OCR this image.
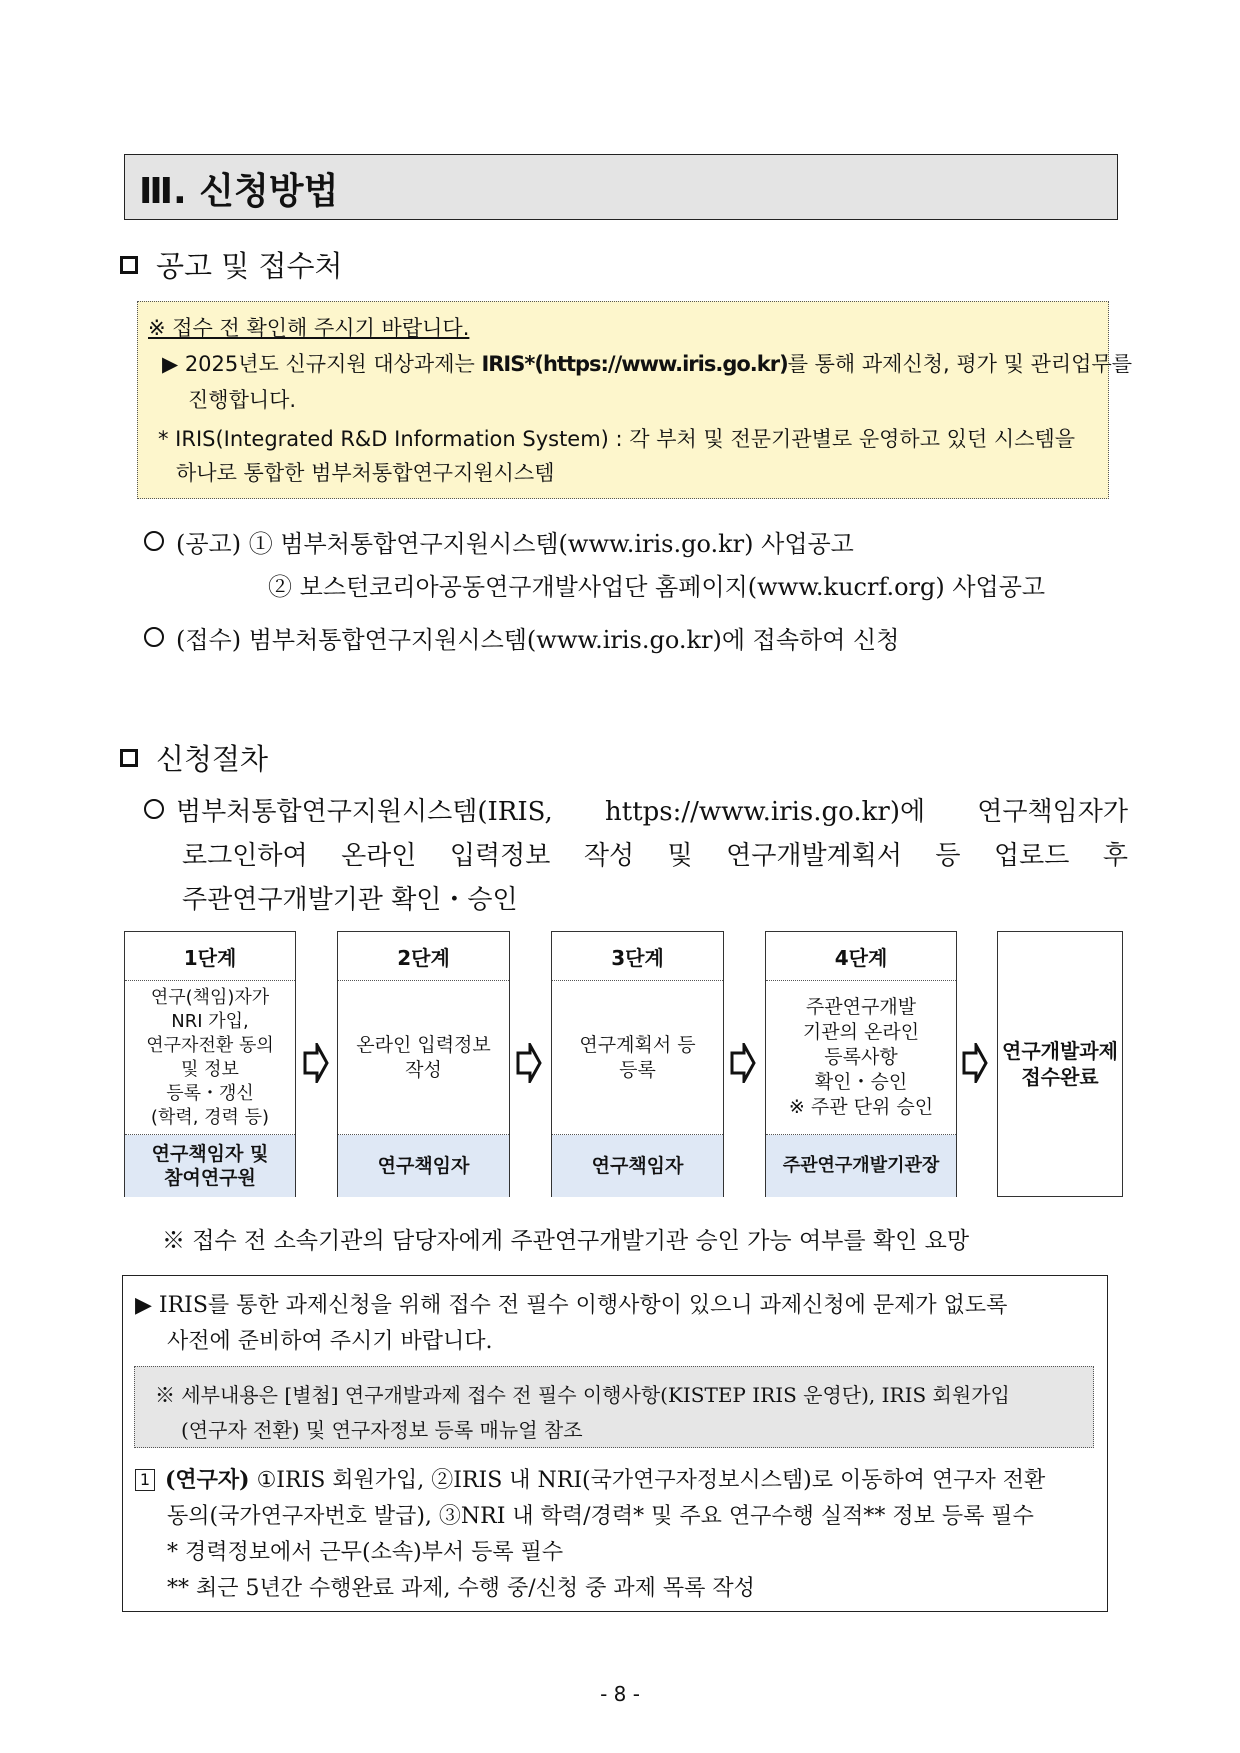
Ⅲ. 신청방법
공고 및 접수처
※ 접수 전 확인해 주시기 바랍니다.
▶ 2025년도 신규지원 대상과제는 IRIS*(https://www.iris.go.kr)를 통해 과제신청, 평가 및 관리업무를
진행합니다.
* IRIS(Integrated R&D Information System) : 각 부처 및 전문기관별로 운영하고 있던 시스템을
하나로 통합한 범부처통합연구지원시스템
(공고) ① 범부처통합연구지원시스템(www.iris.go.kr) 사업공고
② 보스턴코리아공동연구개발사업단 홈페이지(www.kucrf.org) 사업공고
(접수) 범부처통합연구지원시스템(www.iris.go.kr)에 접속하여 신청
신청절차
범부처통합연구지원시스템(IRIS, https://www.iris.go.kr)에 연구책임자가
로그인하여 온라인 입력정보 작성 및 연구개발계획서 등 업로드 후
주관연구개발기관 확인・승인
1단계
연구(책임)자가
NRI 가입,
연구자전환 동의
및 정보
등록・갱신
(학력, 경력 등)
연구책임자 및
참여연구원
2단계
온라인 입력정보
작성
연구책임자
3단계
연구계획서 등
등록
연구책임자
4단계
주관연구개발
기관의 온라인
등록사항
확인・승인
※ 주관 단위 승인
주관연구개발기관장
연구개발과제
접수완료
※ 접수 전 소속기관의 담당자에게 주관연구개발기관 승인 가능 여부를 확인 요망
▶ IRIS를 통한 과제신청을 위해 접수 전 필수 이행사항이 있으니 과제신청에 문제가 없도록
사전에 준비하여 주시기 바랍니다.
※ 세부내용은 [별첨] 연구개발과제 접수 전 필수 이행사항(KISTEP IRIS 운영단), IRIS 회원가입
(연구자 전환) 및 연구자정보 등록 매뉴얼 참조
1 (연구자) ①IRIS 회원가입, ②IRIS 내 NRI(국가연구자정보시스템)로 이동하여 연구자 전환
동의(국가연구자번호 발급), ③NRI 내 학력/경력* 및 주요 연구수행 실적** 정보 등록 필수
* 경력정보에서 근무(소속)부서 등록 필수
** 최근 5년간 수행완료 과제, 수행 중/신청 중 과제 목록 작성
- 8 -
